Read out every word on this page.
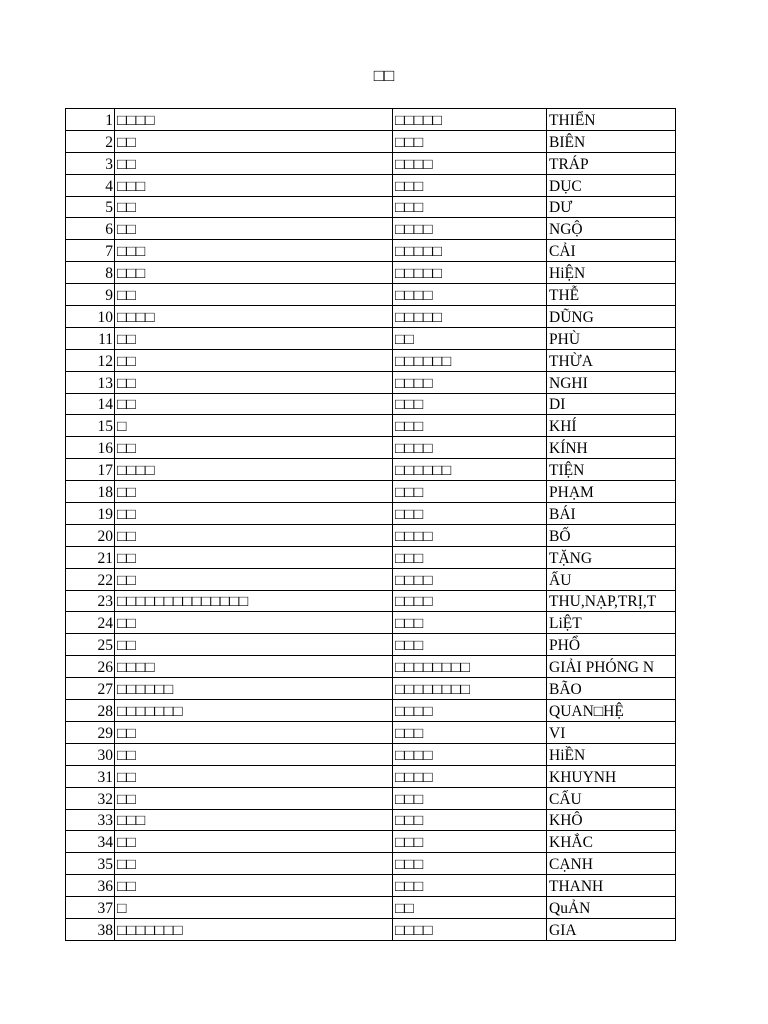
□□
1	□□□□	□□□□□	THIỂN
2	□□	□□□	BIÊN
3	□□	□□□□	TRÁP
4	□□□	□□□	DỤC
5	□□	□□□	DƯ
6	□□	□□□□	NGỘ
7	□□□	□□□□□	CẢI
8	□□□	□□□□□	HiỆN
9	□□	□□□□	THỄ
10	□□□□	□□□□□	DŨNG
11	□□	□□	PHÙ
12	□□	□□□□□□	THỪA
13	□□	□□□□	NGHI
14	□□	□□□	DI
15	□	□□□	KHÍ
16	□□	□□□□	KÍNH
17	□□□□	□□□□□□	TIỆN
18	□□	□□□	PHẠM
19	□□	□□□	BÁI
20	□□	□□□□	BỐ
21	□□	□□□	TẶNG
22	□□	□□□□	ẤU
23	□□□□□□□□□□□□□□	□□□□	THU,NẠP,TRỊ,T
24	□□	□□□	LiỆT
25	□□	□□□	PHỔ
26	□□□□	□□□□□□□□	GIẢI PHÓNG N
27	□□□□□□	□□□□□□□□	BÃO
28	□□□□□□□	□□□□	QUAN□HỆ
29	□□	□□□	VI
30	□□	□□□□	HiỀN
31	□□	□□□□	KHUYNH
32	□□	□□□	CẤU
33	□□□	□□□	KHÔ
34	□□	□□□	KHẮC
35	□□	□□□	CẠNH
36	□□	□□□	THANH
37	□	□□	QuẢN
38	□□□□□□□	□□□□	GIA
